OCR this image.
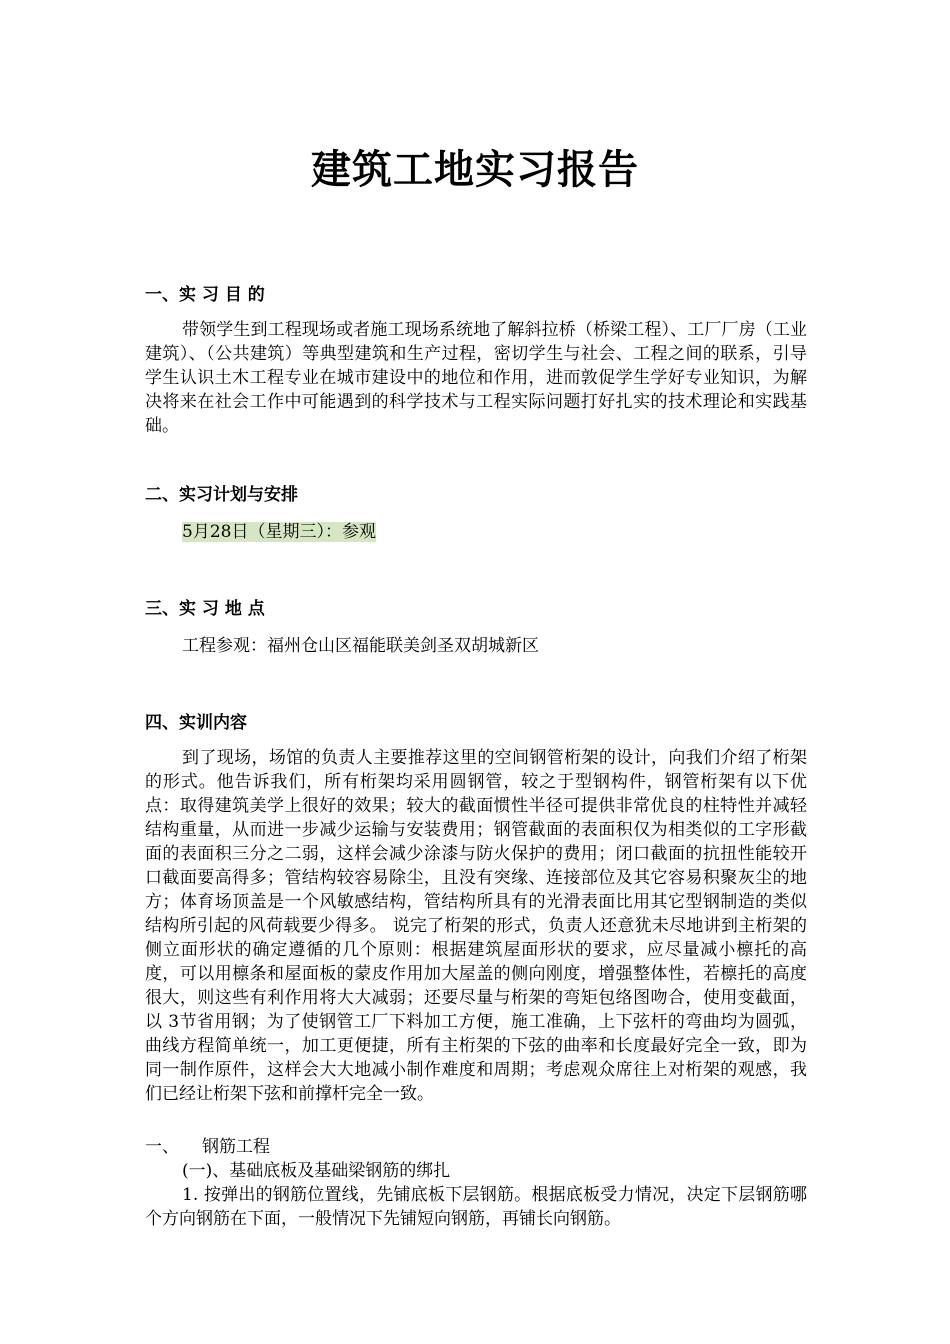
建筑工地实习报告
一、实 习 目 的
带领学生到工程现场或者施工现场系统地了解斜拉桥（桥梁工程）、工厂厂房（工业建筑）、（公共建筑）等典型建筑和生产过程，密切学生与社会、工程之间的联系，引导学生认识土木工程专业在城市建设中的地位和作用，进而敦促学生学好专业知识，为解决将来在社会工作中可能遇到的科学技术与工程实际问题打好扎实的技术理论和实践基础。
二、实习计划与安排
5月28日（星期三）：参观
三、实 习 地 点
工程参观：福州仓山区福能联美剑圣双胡城新区
四、实训内容
到了现场，场馆的负责人主要推荐这里的空间钢管桁架的设计，向我们介绍了桁架的形式。他告诉我们，所有桁架均采用圆钢管，较之于型钢构件，钢管桁架有以下优点：取得建筑美学上很好的效果；较大的截面惯性半径可提供非常优良的柱特性并减轻结构重量，从而进一步减少运输与安装费用；钢管截面的表面积仅为相类似的工字形截面的表面积三分之二弱，这样会减少涂漆与防火保护的费用；闭口截面的抗扭性能较开口截面要高得多；管结构较容易除尘，且没有突缘、连接部位及其它容易积聚灰尘的地方；体育场顶盖是一个风敏感结构，管结构所具有的光滑表面比用其它型钢制造的类似结构所引起的风荷载要少得多。 说完了桁架的形式，负责人还意犹未尽地讲到主桁架的侧立面形状的确定遵循的几个原则：根据建筑屋面形状的要求，应尽量减小檩托的高度，可以用檩条和屋面板的蒙皮作用加大屋盖的侧向刚度，增强整体性，若檩托的高度很大，则这些有利作用将大大减弱；还要尽量与桁架的弯矩包络图吻合，使用变截面，以 3节省用钢；为了使钢管工厂下料加工方便，施工准确，上下弦杆的弯曲均为圆弧，曲线方程简单统一，加工更便捷，所有主桁架的下弦的曲率和长度最好完全一致，即为同一制作原件，这样会大大地减小制作难度和周期；考虑观众席往上对桁架的观感，我们已经让桁架下弦和前撑杆完全一致。
一、 钢筋工程
(一)、基础底板及基础梁钢筋的绑扎
1. 按弹出的钢筋位置线，先铺底板下层钢筋。根据底板受力情况，决定下层钢筋哪个方向钢筋在下面，一般情况下先铺短向钢筋，再铺长向钢筋。
